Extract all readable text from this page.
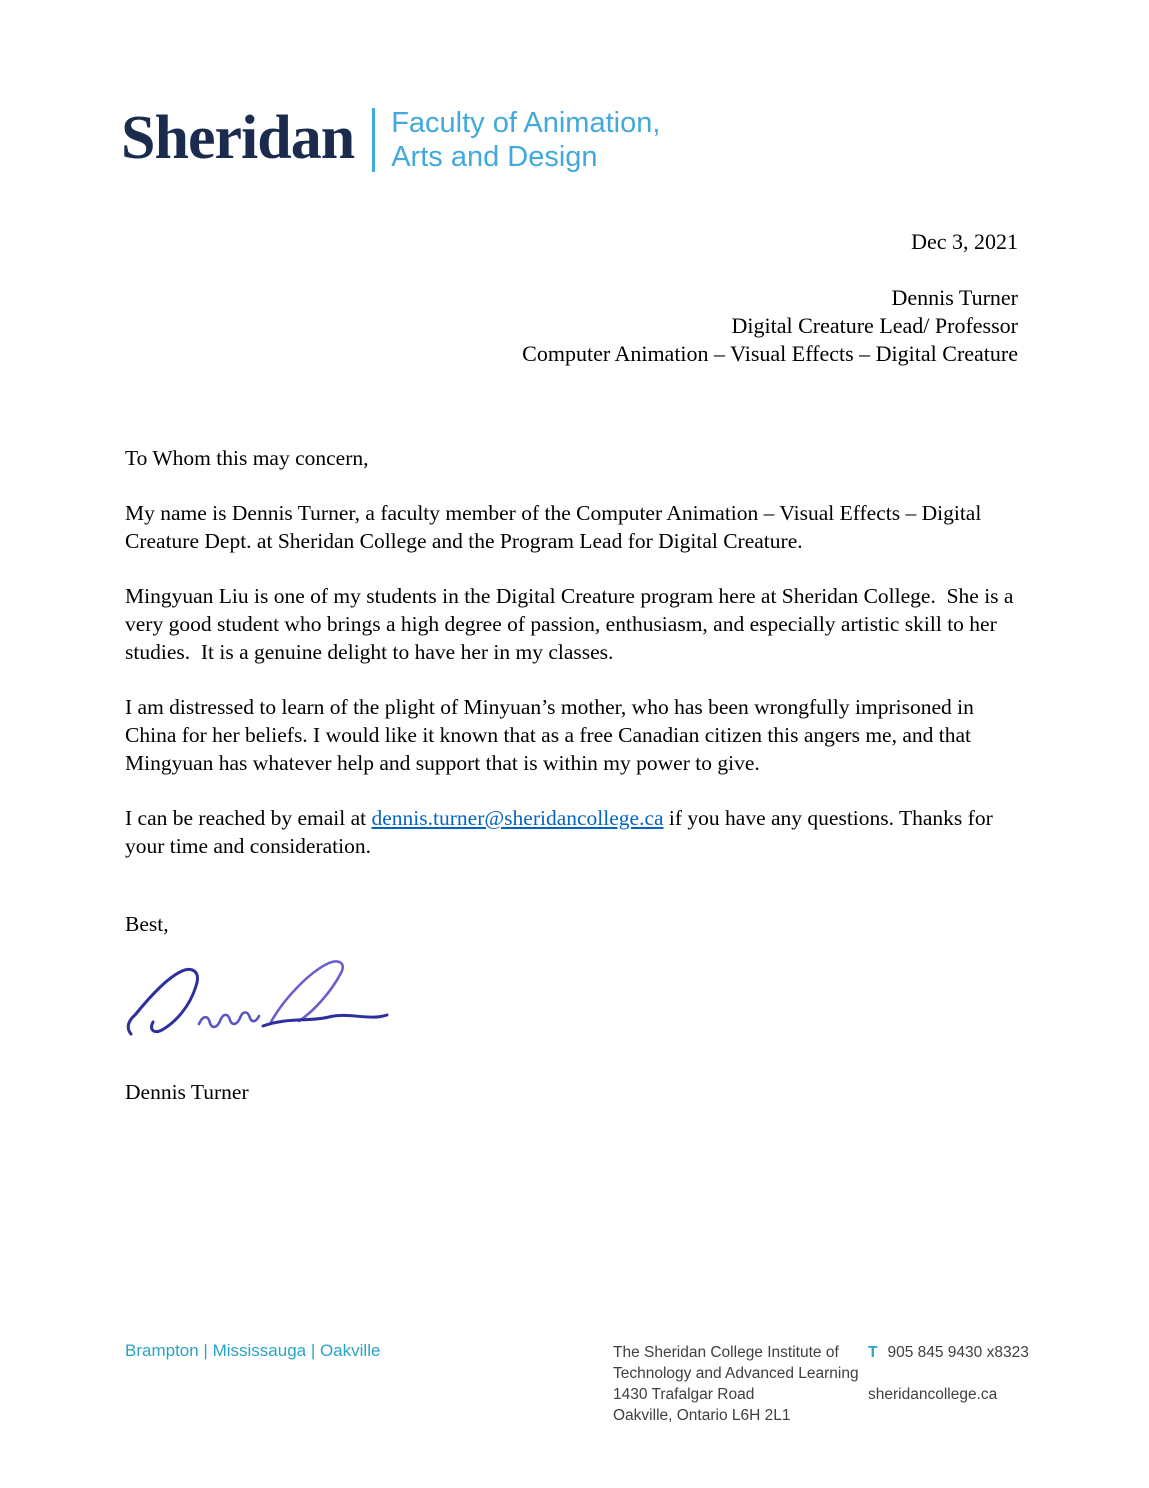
Sheridan Faculty of Animation,
Arts and Design
Dec 3, 2021
Dennis Turner
Digital Creature Lead/ Professor
Computer Animation – Visual Effects – Digital Creature

To Whom this may concern,

My name is Dennis Turner, a faculty member of the Computer Animation – Visual Effects – Digital Creature Dept. at Sheridan College and the Program Lead for Digital Creature.

Mingyuan Liu is one of my students in the Digital Creature program here at Sheridan College.  She is a very good student who brings a high degree of passion, enthusiasm, and especially artistic skill to her studies.  It is a genuine delight to have her in my classes.

I am distressed to learn of the plight of Minyuan’s mother, who has been wrongfully imprisoned in China for her beliefs. I would like it known that as a free Canadian citizen this angers me, and that Mingyuan has whatever help and support that is within my power to give.

I can be reached by email at dennis.turner@sheridancollege.ca if you have any questions. Thanks for your time and consideration.

Best,

Dennis Turner
Brampton | Mississauga | Oakville	The Sheridan College Institute of
Technology and Advanced Learning
1430 Trafalgar Road
Oakville, Ontario L6H 2L1
T 905 845 9430 x8323
sheridancollege.ca
